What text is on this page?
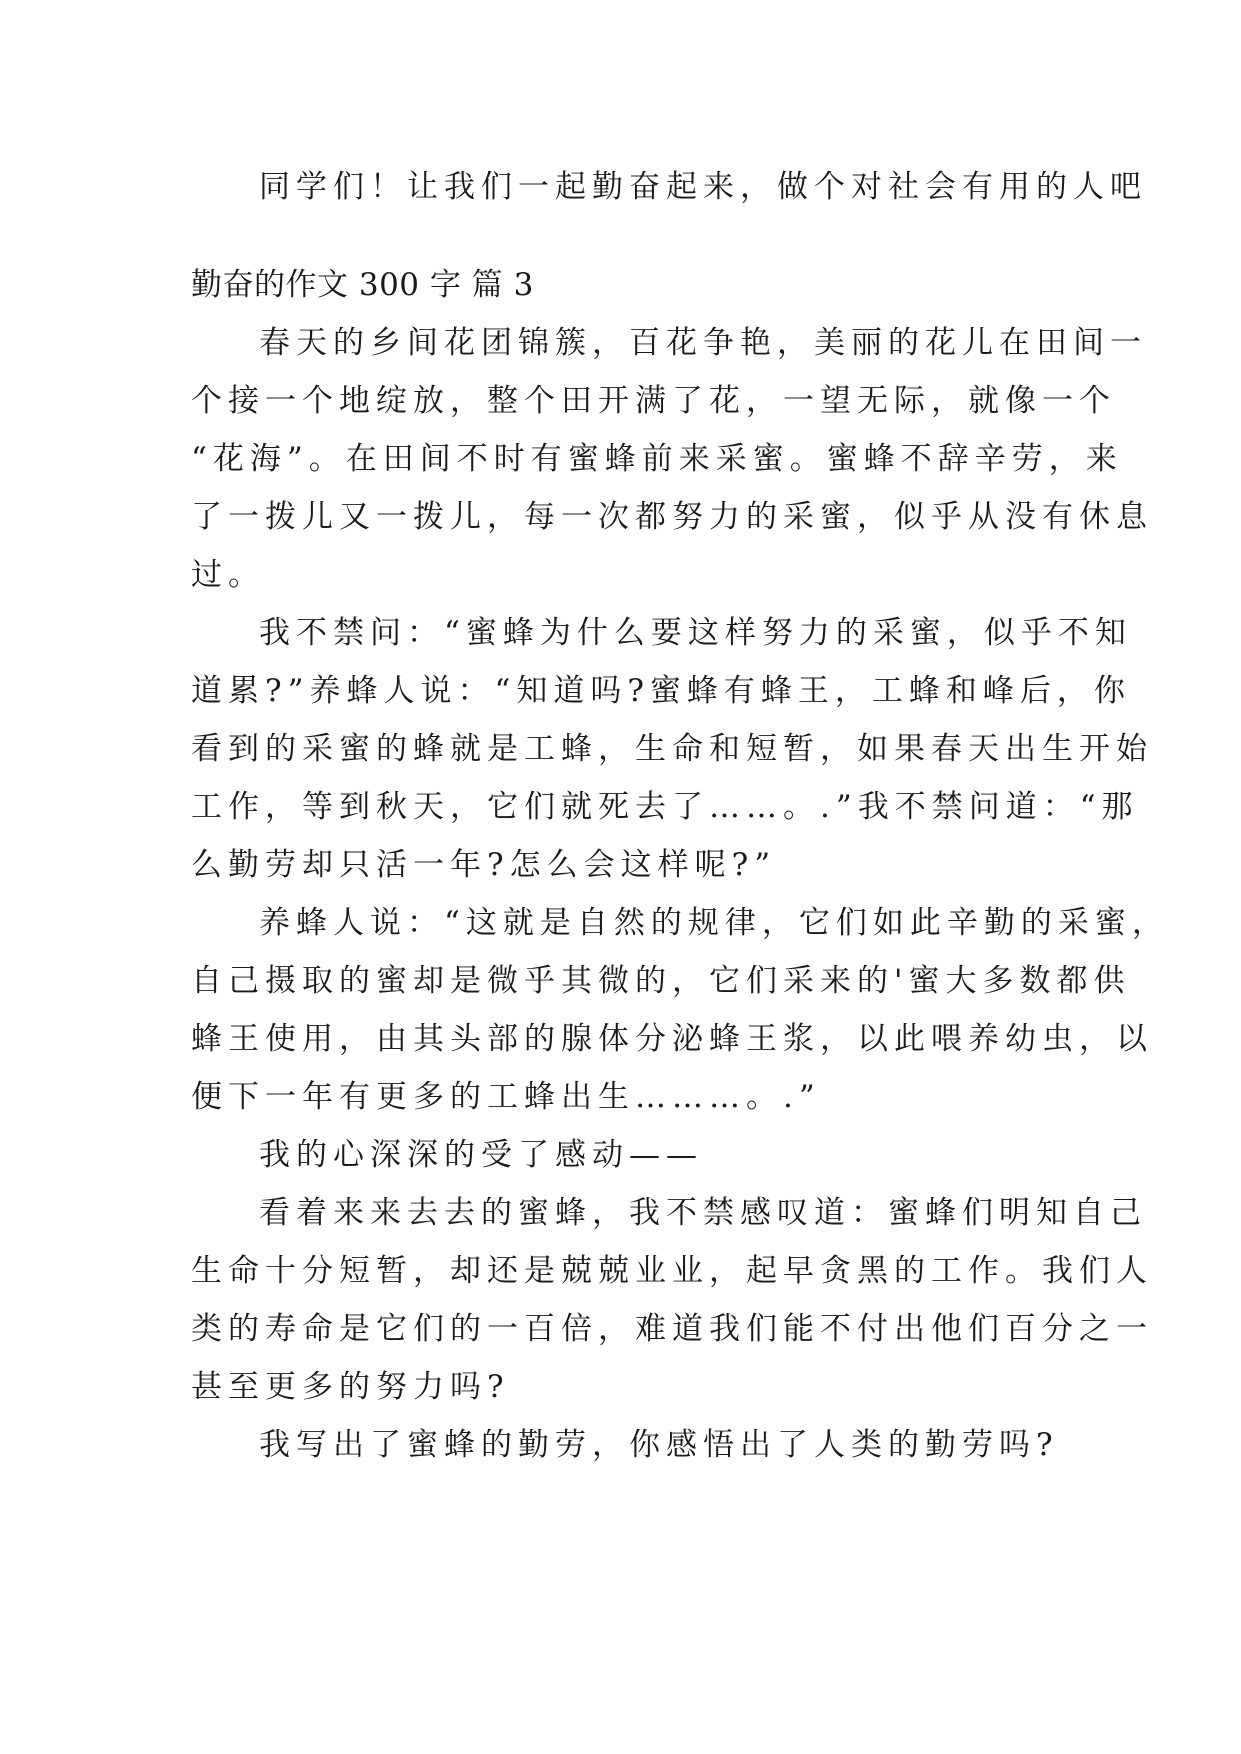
同学们！让我们一起勤奋起来，做个对社会有用的人吧
勤奋的作文 300 字 篇 3
春天的乡间花团锦簇，百花争艳，美丽的花儿在田间一
个接一个地绽放，整个田开满了花，一望无际，就像一个
“花海”。在田间不时有蜜蜂前来采蜜。蜜蜂不辞辛劳，来
了一拨儿又一拨儿，每一次都努力的采蜜，似乎从没有休息
过。
我不禁问：“蜜蜂为什么要这样努力的采蜜，似乎不知
道累?”养蜂人说：“知道吗?蜜蜂有蜂王，工蜂和峰后，你
看到的采蜜的蜂就是工蜂，生命和短暂，如果春天出生开始
工作，等到秋天，它们就死去了……。.”我不禁问道：“那
么勤劳却只活一年?怎么会这样呢?”
养蜂人说：“这就是自然的规律，它们如此辛勤的采蜜，
自己摄取的蜜却是微乎其微的，它们采来的'蜜大多数都供
蜂王使用，由其头部的腺体分泌蜂王浆，以此喂养幼虫，以
便下一年有更多的工蜂出生………。.”
我的心深深的受了感动——
看着来来去去的蜜蜂，我不禁感叹道：蜜蜂们明知自己
生命十分短暂，却还是兢兢业业，起早贪黑的工作。我们人
类的寿命是它们的一百倍，难道我们能不付出他们百分之一
甚至更多的努力吗?
我写出了蜜蜂的勤劳，你感悟出了人类的勤劳吗?
